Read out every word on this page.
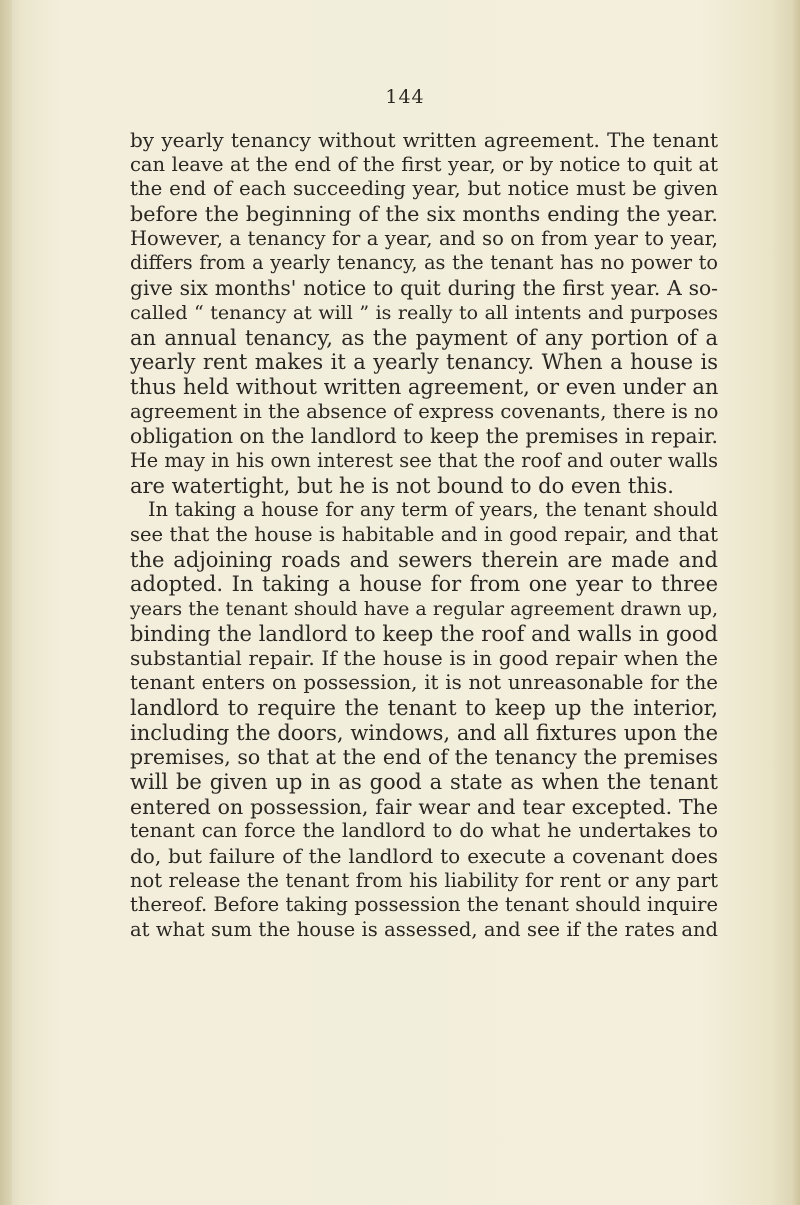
144
by yearly tenancy without written agreement. The tenant
can leave at the end of the first year, or by notice to quit at
the end of each succeeding year, but notice must be given
before the beginning of the six months ending the year.
However, a tenancy for a year, and so on from year to year,
differs from a yearly tenancy, as the tenant has no power to
give six months' notice to quit during the first year. A so-
called “ tenancy at will ” is really to all intents and purposes
an annual tenancy, as the payment of any portion of a
yearly rent makes it a yearly tenancy. When a house is
thus held without written agreement, or even under an
agreement in the absence of express covenants, there is no
obligation on the landlord to keep the premises in repair.
He may in his own interest see that the roof and outer walls
are watertight, but he is not bound to do even this.
In taking a house for any term of years, the tenant should
see that the house is habitable and in good repair, and that
the adjoining roads and sewers therein are made and
adopted. In taking a house for from one year to three
years the tenant should have a regular agreement drawn up,
binding the landlord to keep the roof and walls in good
substantial repair. If the house is in good repair when the
tenant enters on possession, it is not unreasonable for the
landlord to require the tenant to keep up the interior,
including the doors, windows, and all fixtures upon the
premises, so that at the end of the tenancy the premises
will be given up in as good a state as when the tenant
entered on possession, fair wear and tear excepted. The
tenant can force the landlord to do what he undertakes to
do, but failure of the landlord to execute a covenant does
not release the tenant from his liability for rent or any part
thereof. Before taking possession the tenant should inquire
at what sum the house is assessed, and see if the rates and
